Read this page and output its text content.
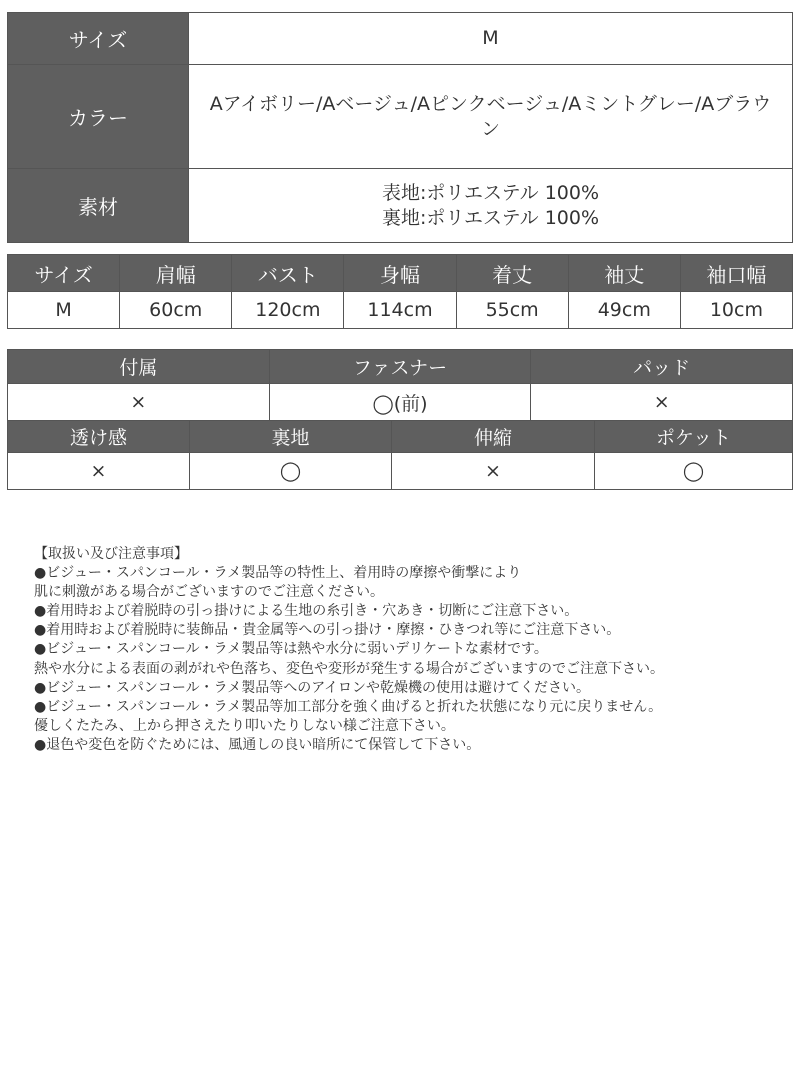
サイズ	M
カラー	Aアイボリー/Aベージュ/Aピンクベージュ/Aミントグレー/Aブラウン
素材	表地:ポリエステル 100%
裏地:ポリエステル 100%
サイズ	肩幅	バスト	身幅	着丈	袖丈	袖口幅
M	60cm	120cm	114cm	55cm	49cm	10cm
付属	ファスナー	パッド
×	◯(前)	×
透け感	裏地	伸縮	ポケット
×	◯	×	◯
【取扱い及び注意事項】
●ビジュー・スパンコール・ラメ製品等の特性上、着用時の摩擦や衝撃により
肌に刺激がある場合がございますのでご注意ください。
●着用時および着脱時の引っ掛けによる生地の糸引き・穴あき・切断にご注意下さい。
●着用時および着脱時に装飾品・貴金属等への引っ掛け・摩擦・ひきつれ等にご注意下さい。
●ビジュー・スパンコール・ラメ製品等は熱や水分に弱いデリケートな素材です。
熱や水分による表面の剥がれや色落ち、変色や変形が発生する場合がございますのでご注意下さい。
●ビジュー・スパンコール・ラメ製品等へのアイロンや乾燥機の使用は避けてください。
●ビジュー・スパンコール・ラメ製品等加工部分を強く曲げると折れた状態になり元に戻りません。
優しくたたみ、上から押さえたり叩いたりしない様ご注意下さい。
●退色や変色を防ぐためには、風通しの良い暗所にて保管して下さい。
